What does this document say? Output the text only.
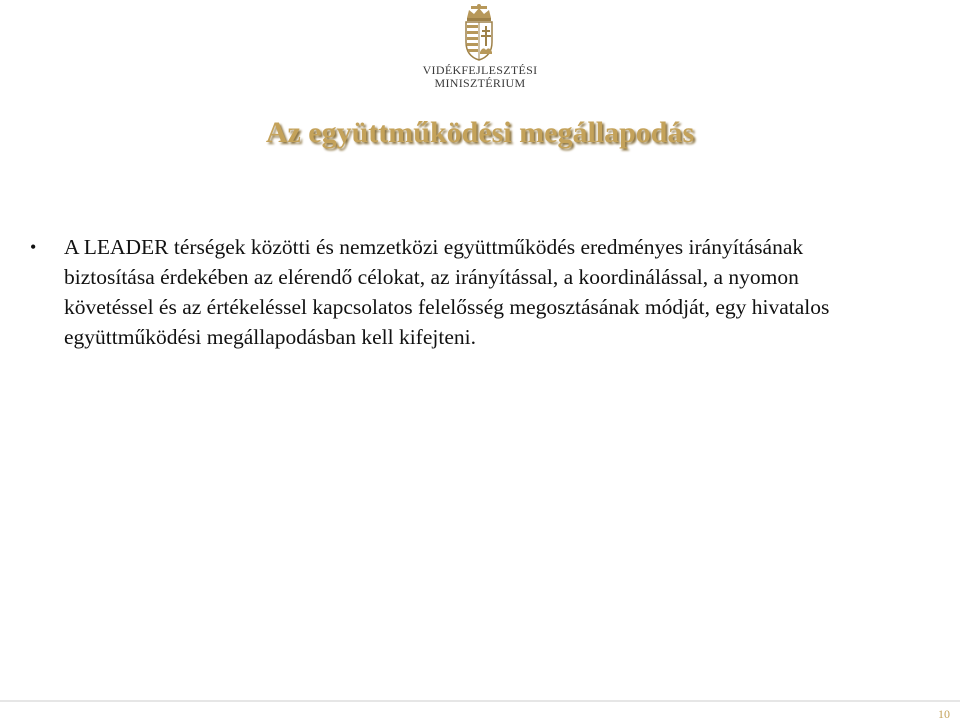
VIDÉKFEJLESZTÉSI
MINISZTÉRIUM
Az együttműködési megállapodás
• A LEADER térségek közötti és nemzetközi együttműködés eredményes irányításának biztosítása érdekében az elérendő célokat, az irányítással, a koordinálással, a nyomon követéssel és az értékeléssel kapcsolatos felelősség megosztásának módját, egy hivatalos együttműködési megállapodásban kell kifejteni.
10
